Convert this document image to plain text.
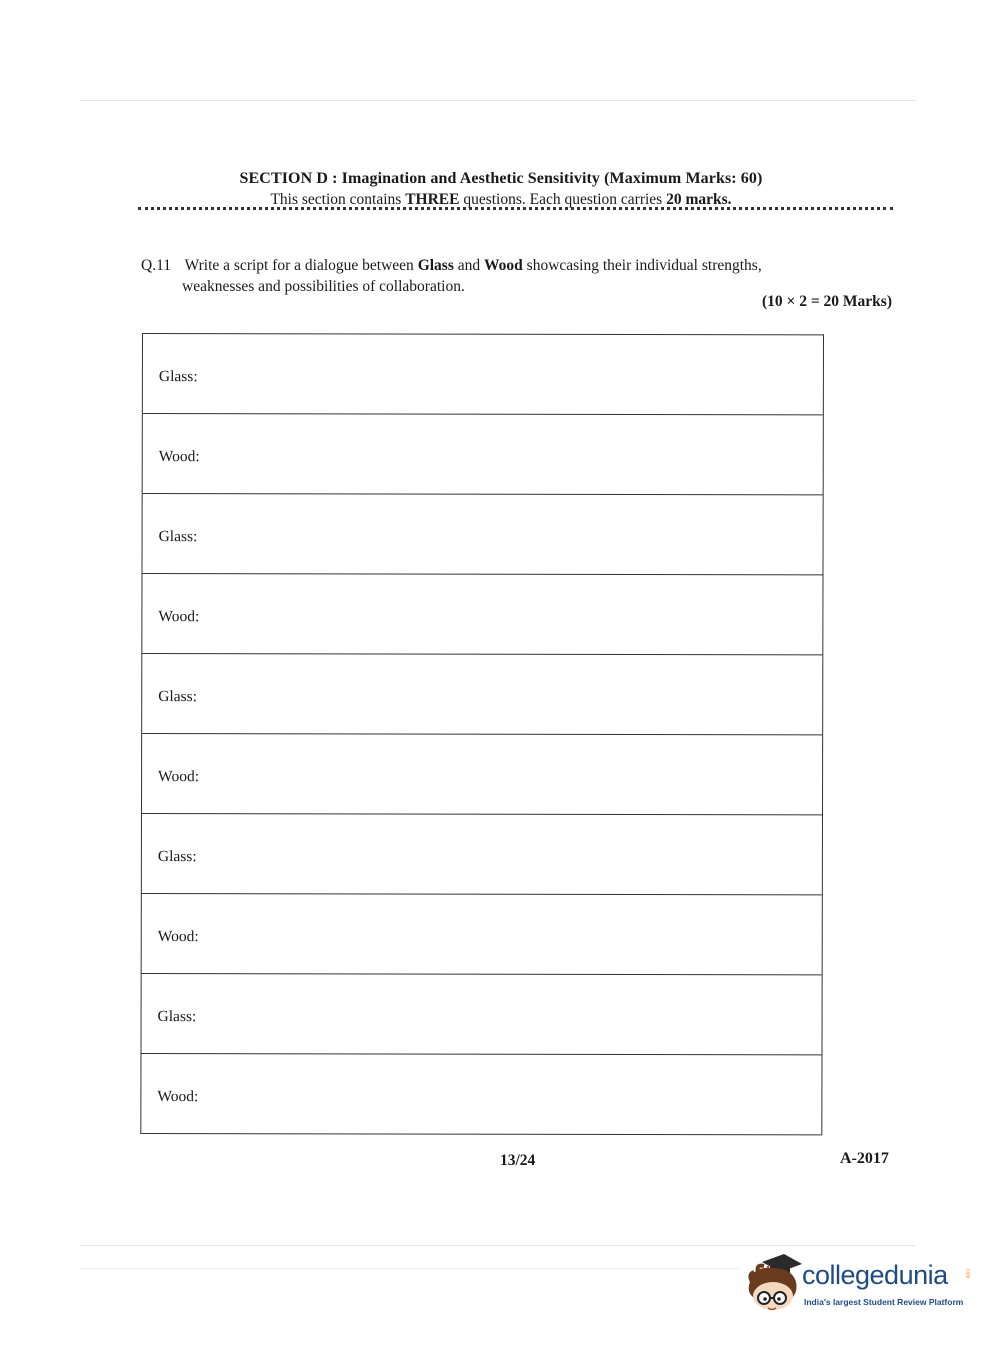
SECTION D : Imagination and Aesthetic Sensitivity (Maximum Marks: 60)
This section contains THREE questions. Each question carries 20 marks.
Q.11 Write a script for a dialogue between Glass and Wood showcasing their individual strengths,
weaknesses and possibilities of collaboration.
(10 × 2 = 20 Marks)
Glass:
Wood:
Glass:
Wood:
Glass:
Wood:
Glass:
Wood:
Glass:
Wood:
13/24	A-2017
collegedunia	.com
India's largest Student Review Platform
